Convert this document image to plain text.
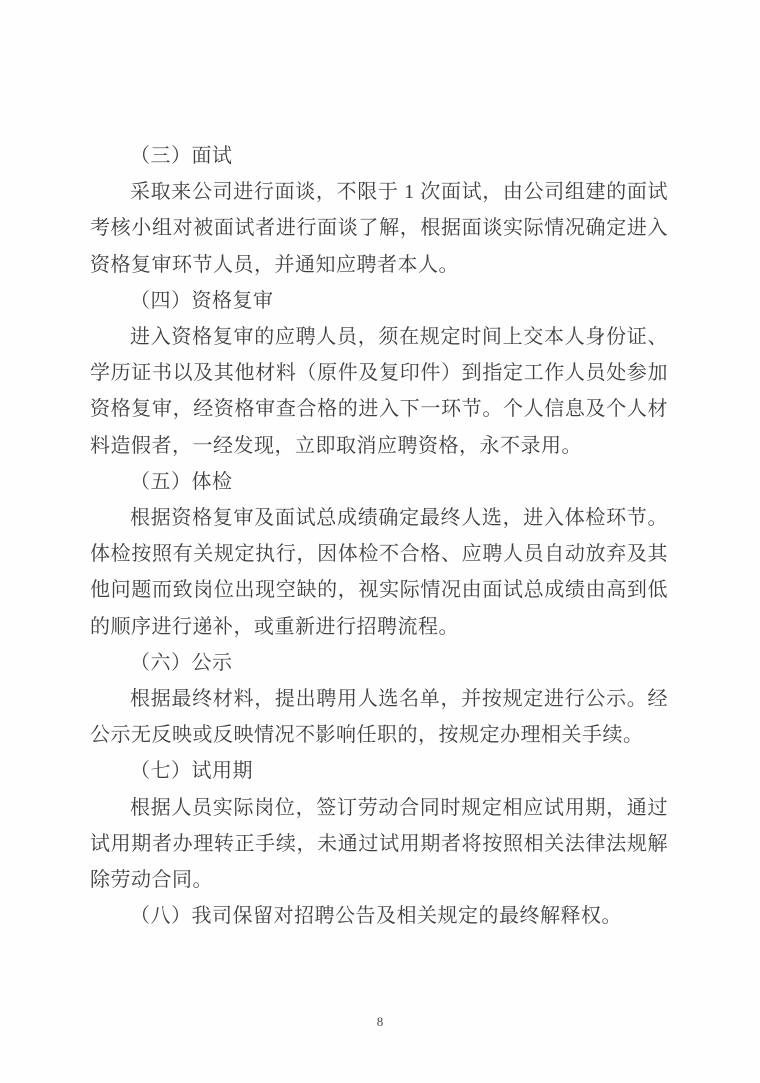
（三）面试

采取来公司进行面谈，不限于 1 次面试，由公司组建的面试考核小组对被面试者进行面谈了解，根据面谈实际情况确定进入资格复审环节人员，并通知应聘者本人。

（四）资格复审

进入资格复审的应聘人员，须在规定时间上交本人身份证、学历证书以及其他材料（原件及复印件）到指定工作人员处参加资格复审，经资格审查合格的进入下一环节。个人信息及个人材料造假者，一经发现，立即取消应聘资格，永不录用。

（五）体检

根据资格复审及面试总成绩确定最终人选，进入体检环节。体检按照有关规定执行，因体检不合格、应聘人员自动放弃及其他问题而致岗位出现空缺的，视实际情况由面试总成绩由高到低的顺序进行递补，或重新进行招聘流程。

（六）公示

根据最终材料，提出聘用人选名单，并按规定进行公示。经公示无反映或反映情况不影响任职的，按规定办理相关手续。

（七）试用期

根据人员实际岗位，签订劳动合同时规定相应试用期，通过试用期者办理转正手续，未通过试用期者将按照相关法律法规解除劳动合同。

（八）我司保留对招聘公告及相关规定的最终解释权。

8
